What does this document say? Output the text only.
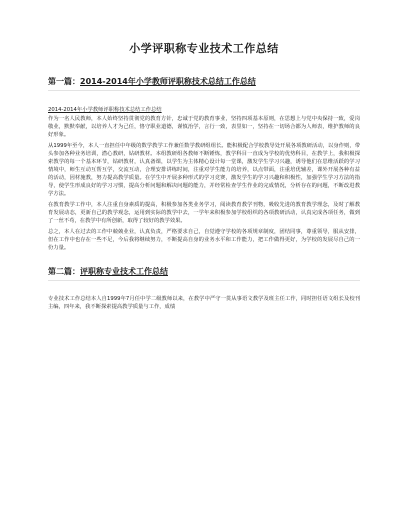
小学评职称专业技术工作总结
第一篇：2014-2014年小学教师评职称技术总结工作总结
2014-2014年小学教师评职称技术总结工作总结

作为一名人民教师，本人始终坚持贯彻党的教育方针，忠诚于党的教育事业，坚持四项基本原则，在思想上与党中央保持一致，爱岗敬业，默默奉献，以培养人才为己任，恪守职业道德，谨慎治学，言行一致，表里如一，坚持在一切场合都为人师表，维护教师的良好形象。

从1999年至今，本人一直担任中年级的数学教学工作兼任数学教研组组长。能积极配合学校教导处开展各项教研活动，以身作则，带头参加各种业务培训，潜心教研，钻研教材。本组教研组各教师不断锤炼，教学科目一直成为学校的优势科目，在教学上，我积极探索教学的每一个基本环节，钻研教材，认真备课，以学生为主体精心设计每一堂课，激发学生学习兴趣，诱导他们在思维活跃的学习情境中，师生互动互帮互学，交流互动，合理安排讲练时间，注重对学生能力的培养，以点带面，注重培优辅差，课外开展各种有益的活动，因材施教，努力提高教学质量。在学生中开展多种形式的学习竞赛，激发学生的学习兴趣和积极性，加强学生学习方法的指导，使学生形成良好的学习习惯，提高分析问题和解决问题的能力，并经常检查学生作业的完成情况，分析存在的问题，不断改进教学方法。

在教育教学工作中，本人注重自身素质的提高，积极参加各类业务学习，阅读教育教学刊物，吸收先进的教育教学理念，及时了解教育发展动态，更新自己的教学观念，运用到实际的教学中去，一学年来积极参加学校组织的各项教研活动，认真完成各项任务，做到了一丝不苟，在教学中有所创新，取得了较好的教学效果。

总之，本人在过去的工作中兢兢业业，认真负责，严格要求自己，自觉遵守学校的各项规章制度，团结同事，尊重领导，服从安排，但在工作中也存在一些不足，今后我将继续努力，不断提高自身的业务水平和工作能力，把工作做得更好，为学校的发展尽自己的一份力量。

第二篇：评职称专业技术工作总结

专业技术工作总结本人自1999年7月任中学二级教师以来，在教学中严守一贯从事语文教学及班主任工作，同时担任语文组长及校刊主编，四年来，我不断探索提高教学质量与工作，成绩
